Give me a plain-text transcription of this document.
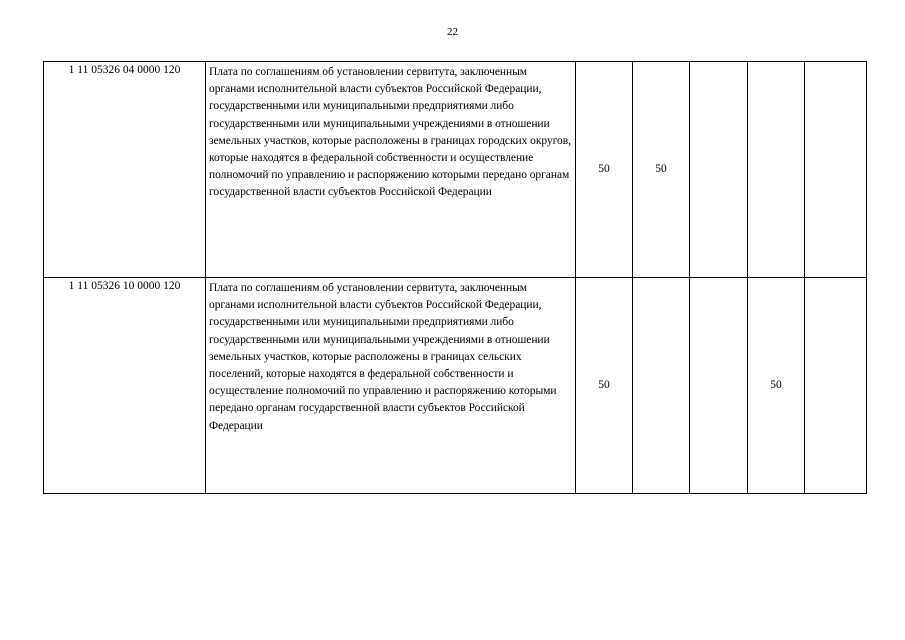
22
1 11 05326 04 0000 120	Плата по соглашениям об установлении сервитута, заключенным органами исполнительной власти субъектов Российской Федерации, государственными или муниципальными предприятиями либо государственными или муниципальными учреждениями в отношении земельных участков, которые расположены в границах городских округов, которые находятся в федеральной собственности и осуществление полномочий по управлению и распоряжению которыми передано органам государственной власти субъектов Российской Федерации	50	50			
1 11 05326 10 0000 120	Плата по соглашениям об установлении сервитута, заключенным органами исполнительной власти субъектов Российской Федерации, государственными или муниципальными предприятиями либо государственными или муниципальными учреждениями в отношении земельных участков, которые расположены в границах сельских поселений, которые находятся в федеральной собственности и осуществление полномочий по управлению и распоряжению которыми передано органам государственной власти субъектов Российской Федерации	50			50	
